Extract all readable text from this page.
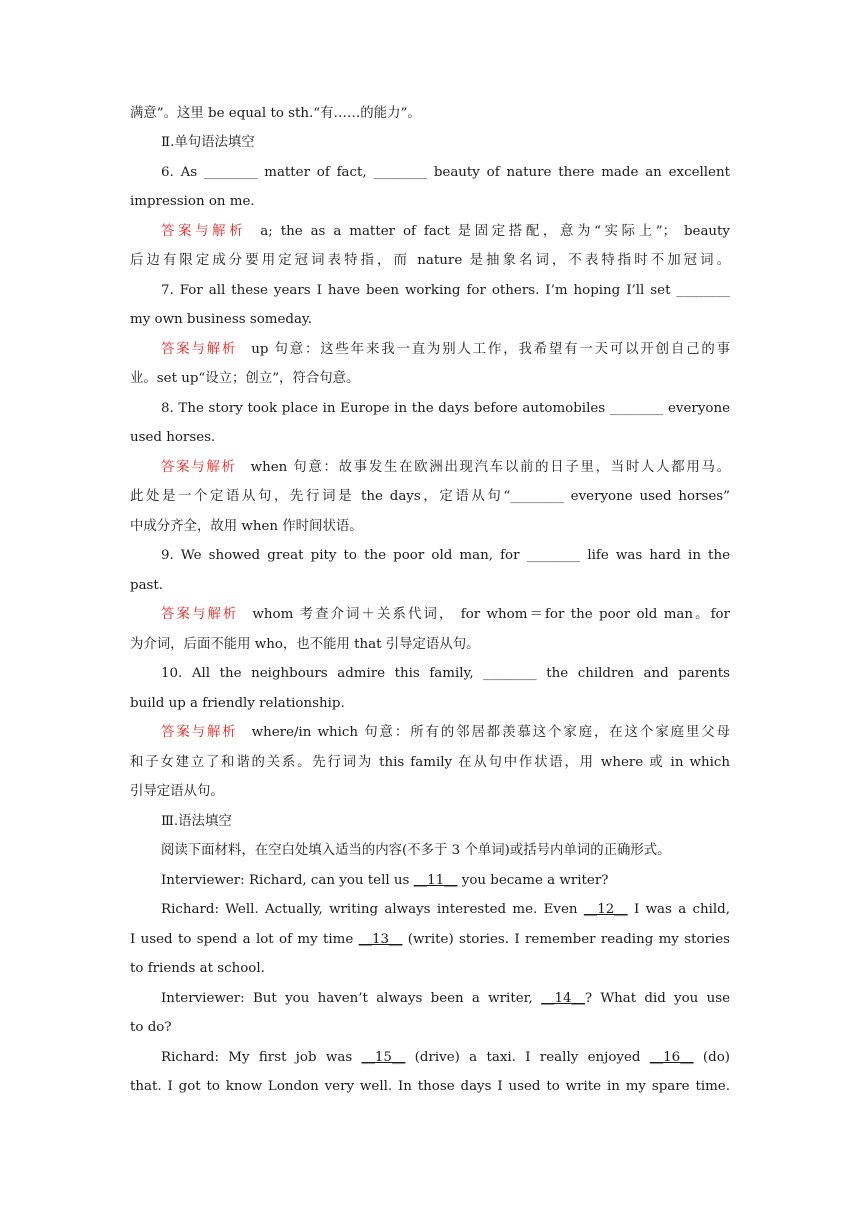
满意”。这里 be equal to sth.“有……的能力”。
Ⅱ.单句语法填空
6. As ________ matter of fact, ________ beauty of nature there made an excellent
impression on me.
答案与解析 a; the as a matter of fact 是固定搭配，意为“实际上”； beauty
后边有限定成分要用定冠词表特指，而 nature 是抽象名词，不表特指时不加冠词。
7. For all these years I have been working for others. I’m hoping I’ll set ________
my own business someday.
答案与解析 up 句意：这些年来我一直为别人工作，我希望有一天可以开创自己的事
业。set up“设立；创立”，符合句意。
8. The story took place in Europe in the days before automobiles ________ everyone
used horses.
答案与解析 when 句意：故事发生在欧洲出现汽车以前的日子里，当时人人都用马。
此处是一个定语从句，先行词是 the days，定语从句“________ everyone used horses”
中成分齐全，故用 when 作时间状语。
9. We showed great pity to the poor old man, for ________ life was hard in the
past.
答案与解析 whom 考查介词＋关系代词， for whom＝for the poor old man。for
为介词，后面不能用 who，也不能用 that 引导定语从句。
10. All the neighbours admire this family, ________ the children and parents
build up a friendly relationship.
答案与解析 where/in which 句意：所有的邻居都羡慕这个家庭，在这个家庭里父母
和子女建立了和谐的关系。先行词为 this family 在从句中作状语，用 where 或 in which
引导定语从句。
Ⅲ.语法填空
阅读下面材料，在空白处填入适当的内容(不多于 3 个单词)或括号内单词的正确形式。
Interviewer: Richard, can you tell us __11__ you became a writer?
Richard: Well. Actually, writing always interested me. Even __12__ I was a child,
I used to spend a lot of my time __13__ (write) stories. I remember reading my stories
to friends at school.
Interviewer: But you haven’t always been a writer, __14__? What did you use
to do?
Richard: My first job was __15__ (drive) a taxi. I really enjoyed __16__ (do)
that. I got to know London very well. In those days I used to write in my spare time.
